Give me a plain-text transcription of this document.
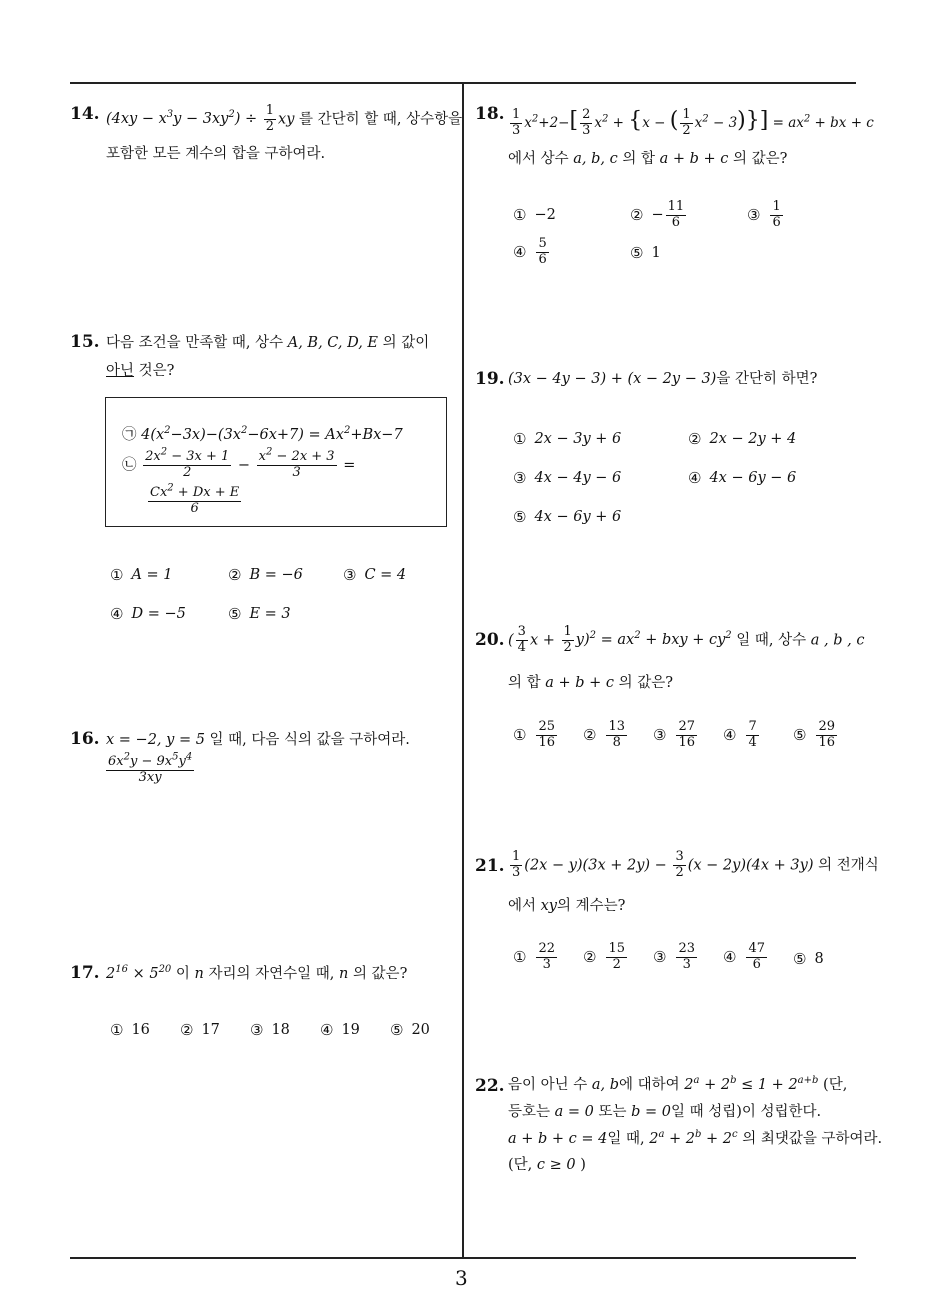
3
14. $(4xy - x^3y - 3xy^2) \div \frac{1}{2}$ xy 를 간단히 할 때, 상수항을
포함한 모든 계수의 합을 구하여라.
15. 다음 조건을 만족할 때, 상수 A, B, C, D, E 의 값이
아닌 것은?
㉠ $4(x^2-3x)-(3x^2-6x+7) = Ax^2+Bx-7$
㉡ $\frac{2x^2 - 3x + 1}{2} - \frac{x^2 - 2x + 3}{3}$ =
$\frac{Cx^2 + Dx + E}{6}$
① A = 1	② B = −6	③ C = 4
④ D = −5	⑤ E = 3
16. x = −2, y = 5 일 때, 다음 식의 값을 구하여라.
$\frac{6x^2y - 9x^5y^4}{3xy}$
17. $2^{16} \times 5^{20}$ 이 n 자리의 자연수일 때, n 의 값은?
① 16 ② 17 ③ 18 ④ 19 ⑤ 20
18. $\frac{1}{3} x^2+2-[ \frac{2}{3} x^2 + \{x$ − ( $\frac{1}{2} x^2 - 3)\}] = ax^2$ + bx + c
에서 상수 a, b, c 의 합 a + b + c 의 값은?
① −2	② − $\frac{11}{6}$	③ $\frac{1}{6}$
④ $\frac{5}{6}$	⑤ 1
19. (3x − 4y − 3) + (x − 2y − 3)을 간단히 하면?
① 2x − 3y + 6	② 2x − 2y + 4
③ 4x − 4y − 6	④ 4x − 6y − 6
⑤ 4x − 6y + 6
20. ( $\frac{3}{4}$ $x + \frac{1}{2} y)^2 = ax^2$ + bxy + $cy^2$ 일 때, 상수 a , b , c
의 합 a + b + c 의 값은?
① $\frac{25}{16}$ ② $\frac{13}{8}$ ③ $\frac{27}{16}$ ④ $\frac{7}{4}$ ⑤ $\frac{29}{16}$
21. $\frac{1}{3} (2x - y)(3x + 2y) - \frac{3}{2} (x - 2y)(4x + 3y)$ 의 전개식
에서 xy의 계수는?
① $\frac{22}{3}$ ② $\frac{15}{2}$ ③ $\frac{23}{3}$ ④ $\frac{47}{6}$ ⑤ 8
22. 음이 아닌 수 a, b에 대하여 $2^a + 2^b \le 1 + 2^{a+b}$ (단,
등호는 a = 0 또는 b = 0일 때 성립)이 성립한다.
a + b + c = 4일 때, $2^a + 2^b + 2^c$ 의 최댓값을 구하여라.
(단, c ≥ 0 )
